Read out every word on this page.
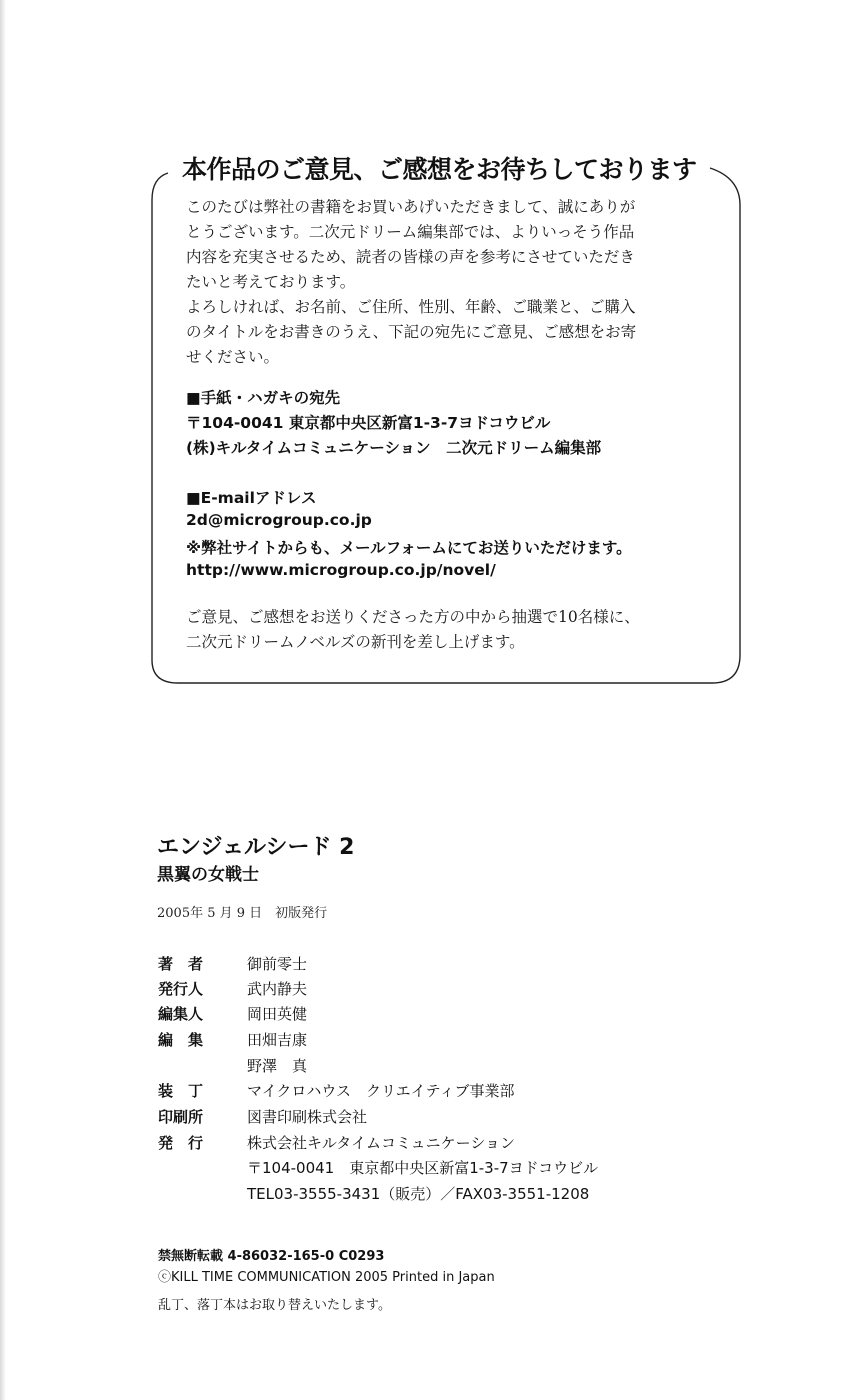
本作品のご意見、ご感想をお待ちしております
このたびは弊社の書籍をお買いあげいただきまして、誠にありが
とうございます。二次元ドリーム編集部では、よりいっそう作品
内容を充実させるため、読者の皆様の声を参考にさせていただき
たいと考えております。
よろしければ、お名前、ご住所、性別、年齢、ご職業と、ご購入
のタイトルをお書きのうえ、下記の宛先にご意見、ご感想をお寄
せください。
■手紙・ハガキの宛先
〒104-0041 東京都中央区新富1-3-7ヨドコウビル
(株)キルタイムコミュニケーション　二次元ドリーム編集部
■E-mailアドレス
2d@microgroup.co.jp
※弊社サイトからも、メールフォームにてお送りいただけます。
http://www.microgroup.co.jp/novel/
ご意見、ご感想をお送りくださった方の中から抽選で10名様に、
二次元ドリームノベルズの新刊を差し上げます。
エンジェルシード 2
黒翼の女戦士
2005年 5 月 9 日　初版発行
著　者	御前零士
発行人	武内静夫
編集人	岡田英健
編　集	田畑吉康
野澤　真
装　丁	マイクロハウス　クリエイティブ事業部
印刷所	図書印刷株式会社
発　行	株式会社キルタイムコミュニケーション
〒104-0041　東京都中央区新富1-3-7ヨドコウビル
TEL03-3555-3431（販売）／FAX03-3551-1208
禁無断転載 4-86032-165-0 C0293
ⓒKILL TIME COMMUNICATION 2005 Printed in Japan
乱丁、落丁本はお取り替えいたします。
